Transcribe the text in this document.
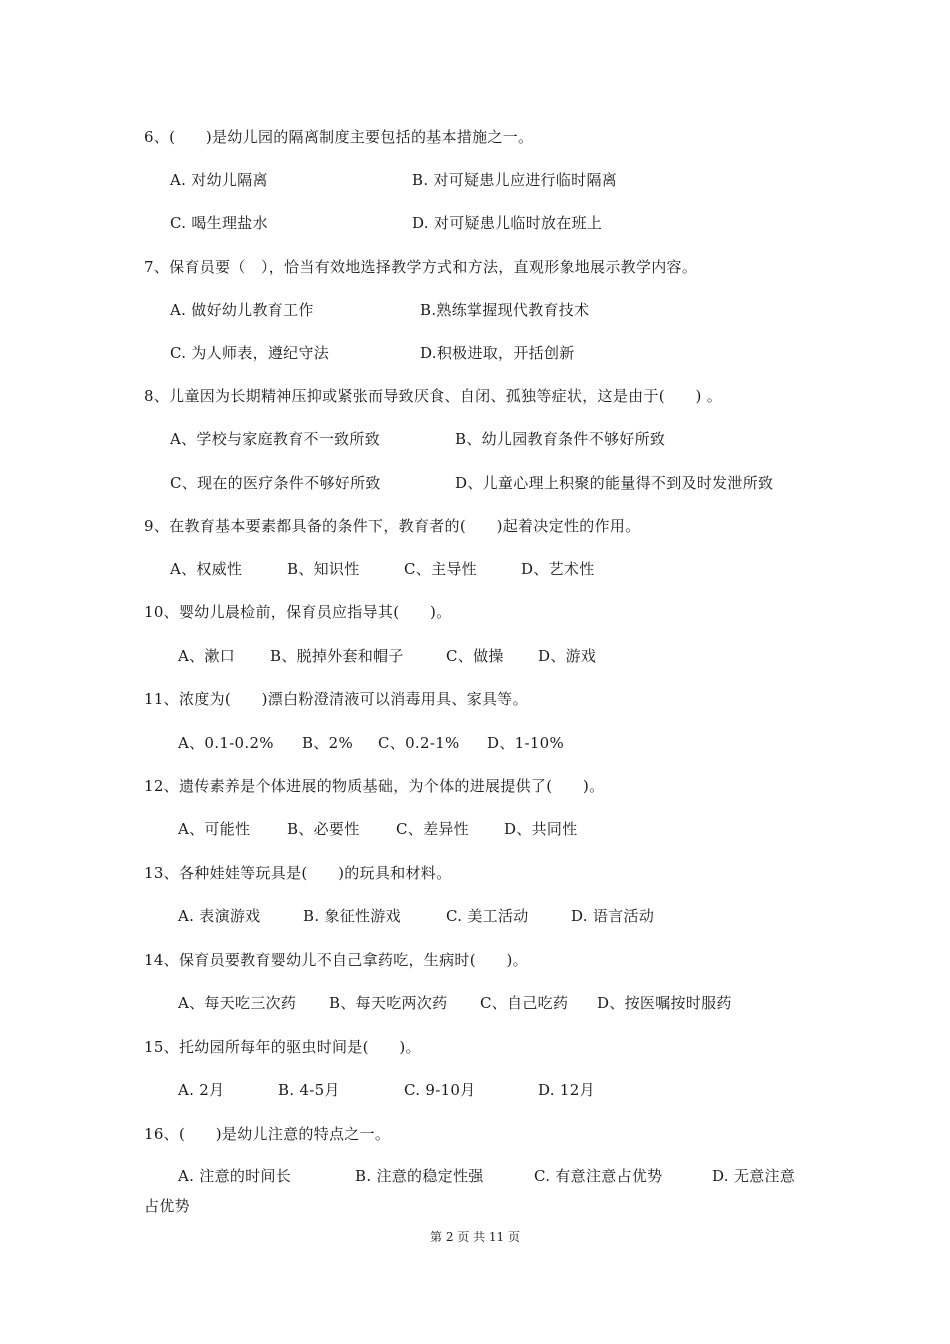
6、(　　)是幼儿园的隔离制度主要包括的基本措施之一。
A. 对幼儿隔离	B. 对可疑患儿应进行临时隔离
C. 喝生理盐水	D. 对可疑患儿临时放在班上
7、保育员要（　），恰当有效地选择教学方式和方法，直观形象地展示教学内容。
A. 做好幼儿教育工作	B.熟练掌握现代教育技术
C. 为人师表，遵纪守法	D.积极进取，开括创新
8、儿童因为长期精神压抑或紧张而导致厌食、自闭、孤独等症状，这是由于(　　) 。
A、学校与家庭教育不一致所致	B、幼儿园教育条件不够好所致
C、现在的医疗条件不够好所致	D、儿童心理上积聚的能量得不到及时发泄所致
9、在教育基本要素都具备的条件下，教育者的(　　)起着决定性的作用。
A、权威性	B、知识性	C、主导性	D、艺术性
10、婴幼儿晨检前，保育员应指导其(　　)。
A、漱口 B、脱掉外套和帽子	C、做操 D、游戏
11、浓度为(　　)漂白粉澄清液可以消毒用具、家具等。
A、0.1-0.2% B、2% C、0.2-1% D、1-10%
12、遗传素养是个体进展的物质基础，为个体的进展提供了(　　)。
A、可能性 B、必要性 C、差异性 D、共同性
13、各种娃娃等玩具是(　　)的玩具和材料。
A. 表演游戏	B. 象征性游戏	C. 美工活动	D. 语言活动
14、保育员要教育婴幼儿不自己拿药吃，生病时(　　)。
A、每天吃三次药 B、每天吃两次药 C、自己吃药 D、按医嘱按时服药
15、托幼园所每年的驱虫时间是(　　)。
A. 2月	B. 4-5月	C. 9-10月	D. 12月
16、(　　)是幼儿注意的特点之一。
A. 注意的时间长	B. 注意的稳定性强	C. 有意注意占优势	D. 无意注意
占优势
第 2 页 共 11 页
